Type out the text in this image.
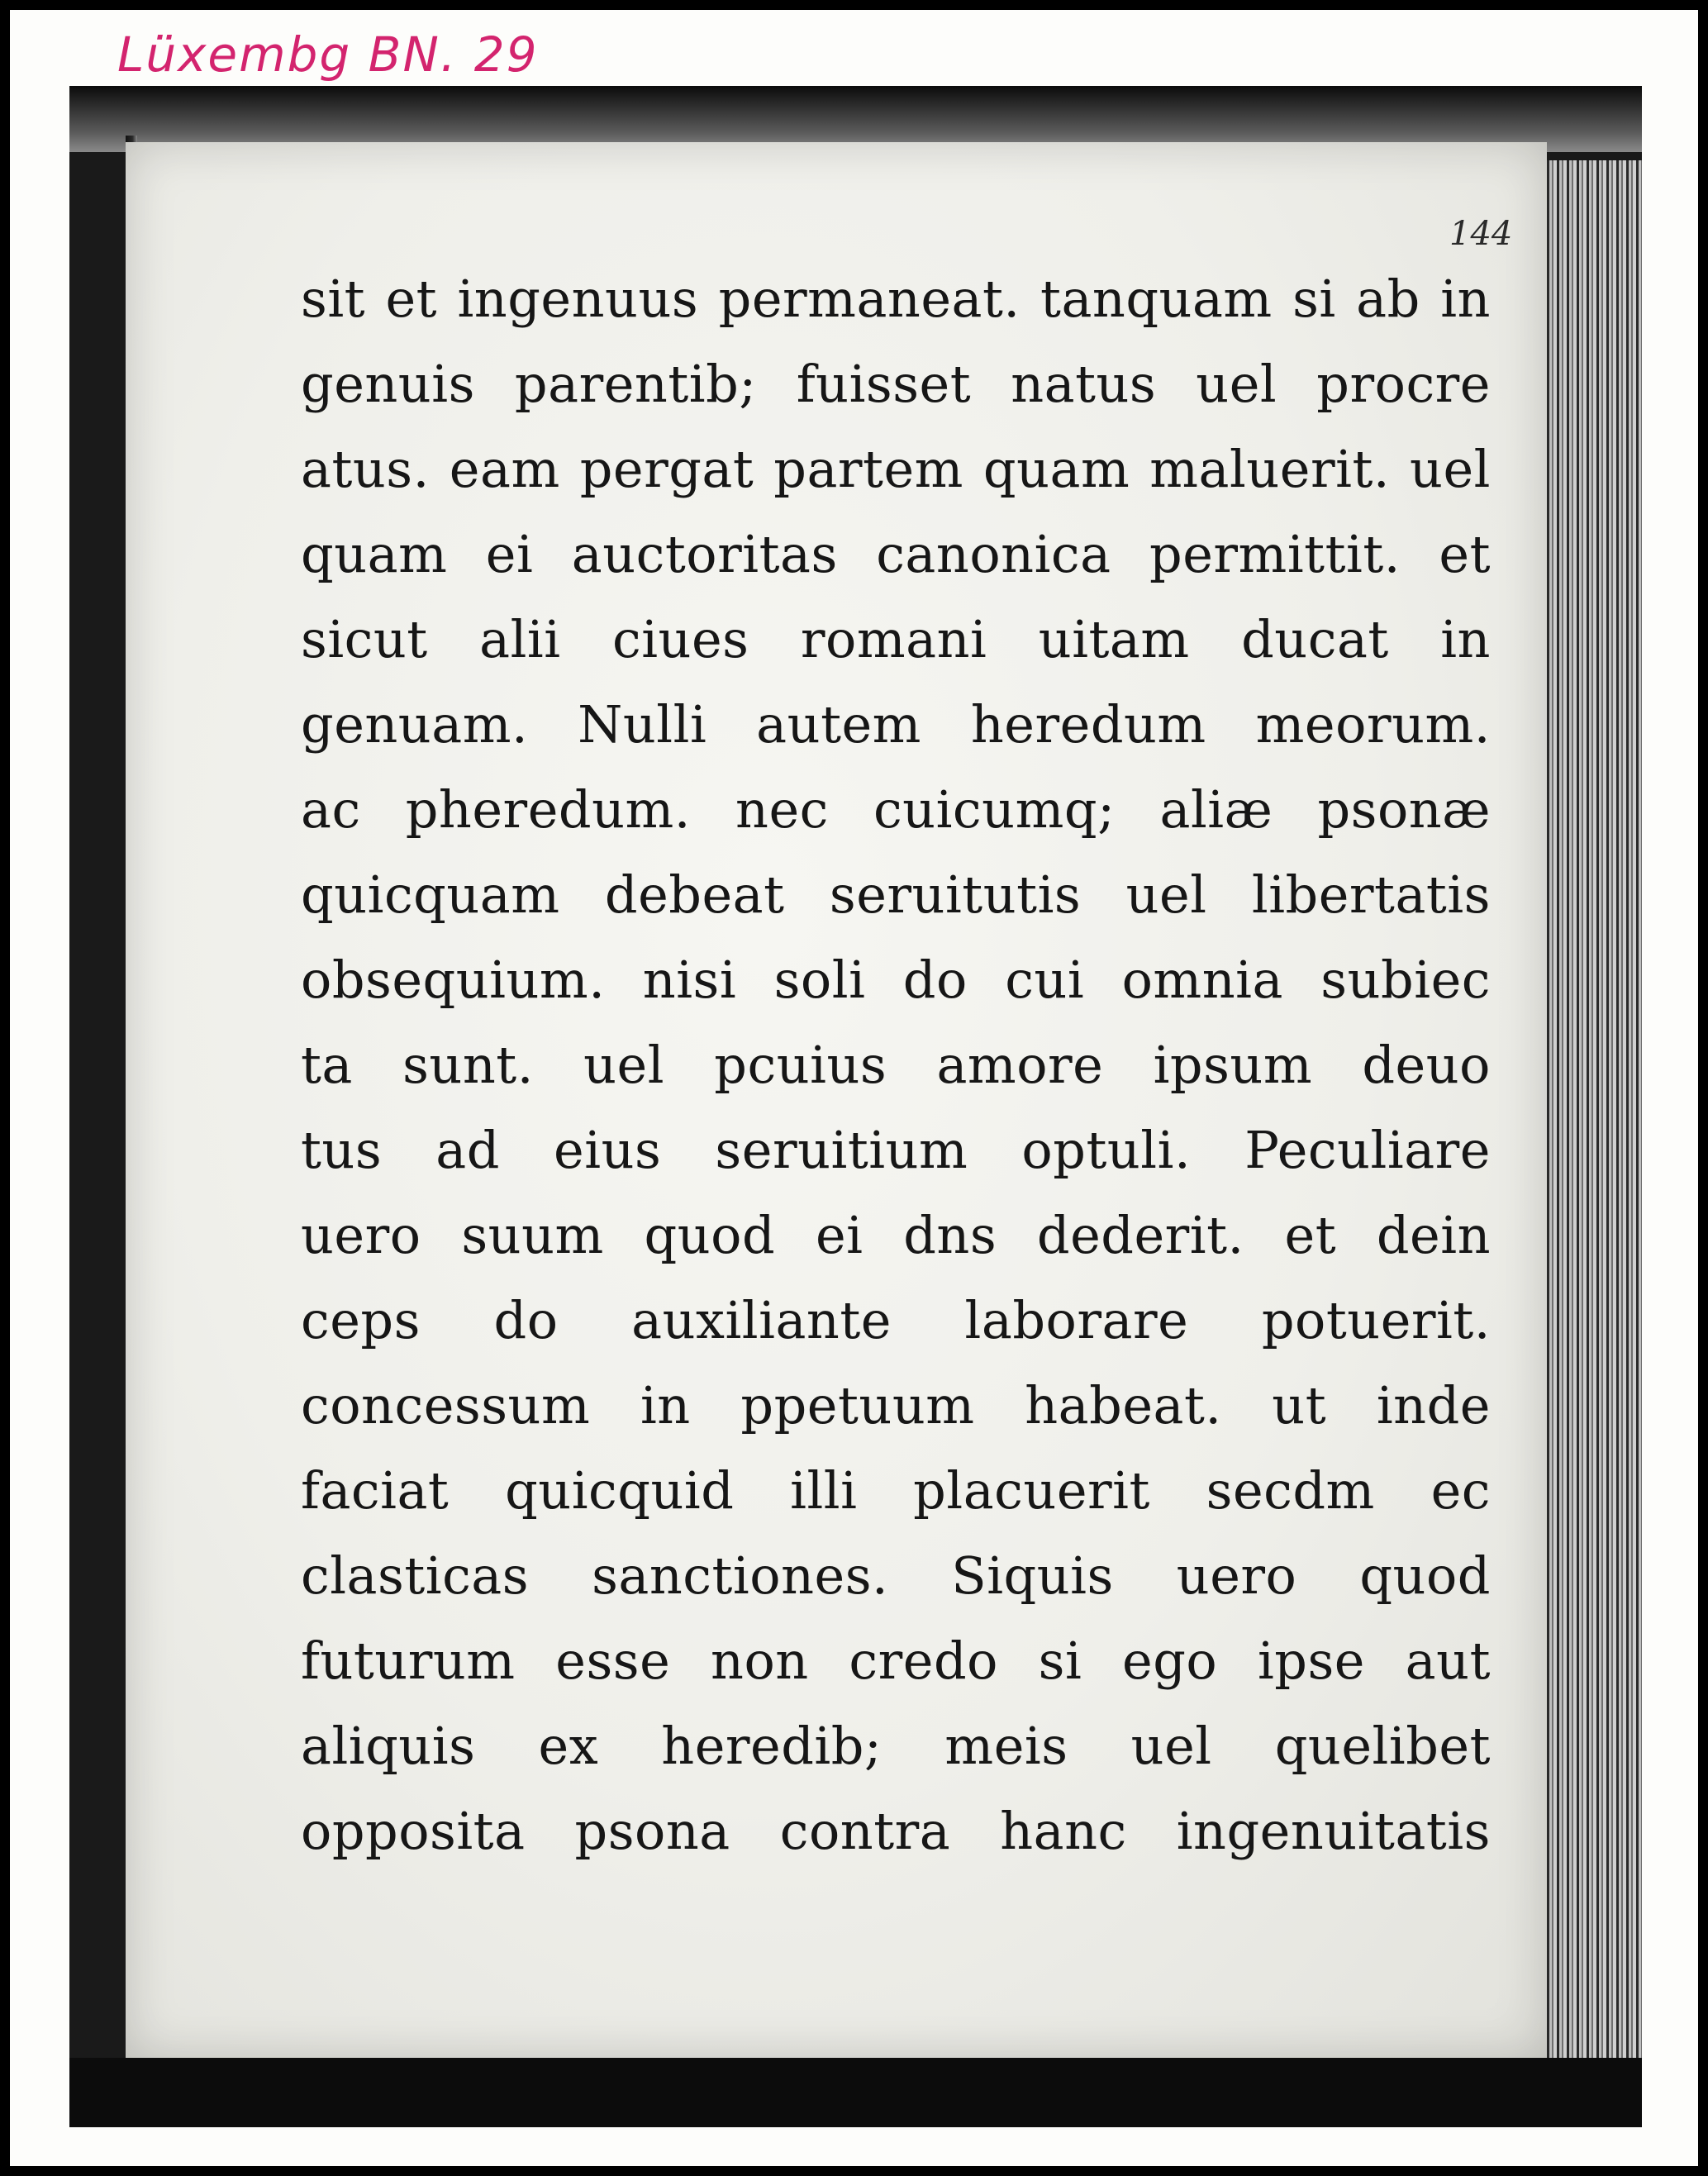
Lüxembg BN. 29
144
sit et ingenuus permaneat. tanquam si ab in
genuis parentib; fuisset natus uel procre
atus. eam pergat partem quam maluerit. uel
quam ei auctoritas canonica permittit. et
sicut alii ciues romani uitam ducat in
genuam. Nulli autem heredum meorum.
ac pheredum. nec cuicumq; aliæ psonæ
quicquam debeat seruitutis uel libertatis
obsequium. nisi soli do cui omnia subiec
ta sunt. uel pcuius amore ipsum deuo
tus ad eius seruitium optuli. Peculiare
uero suum quod ei dns dederit. et dein
ceps do auxiliante laborare potuerit.
concessum in ppetuum habeat. ut inde
faciat quicquid illi placuerit secdm ec
clasticas sanctiones. Siquis uero quod
futurum esse non credo si ego ipse aut
aliquis ex heredib; meis uel quelibet
opposita psona contra hanc ingenuitatis
